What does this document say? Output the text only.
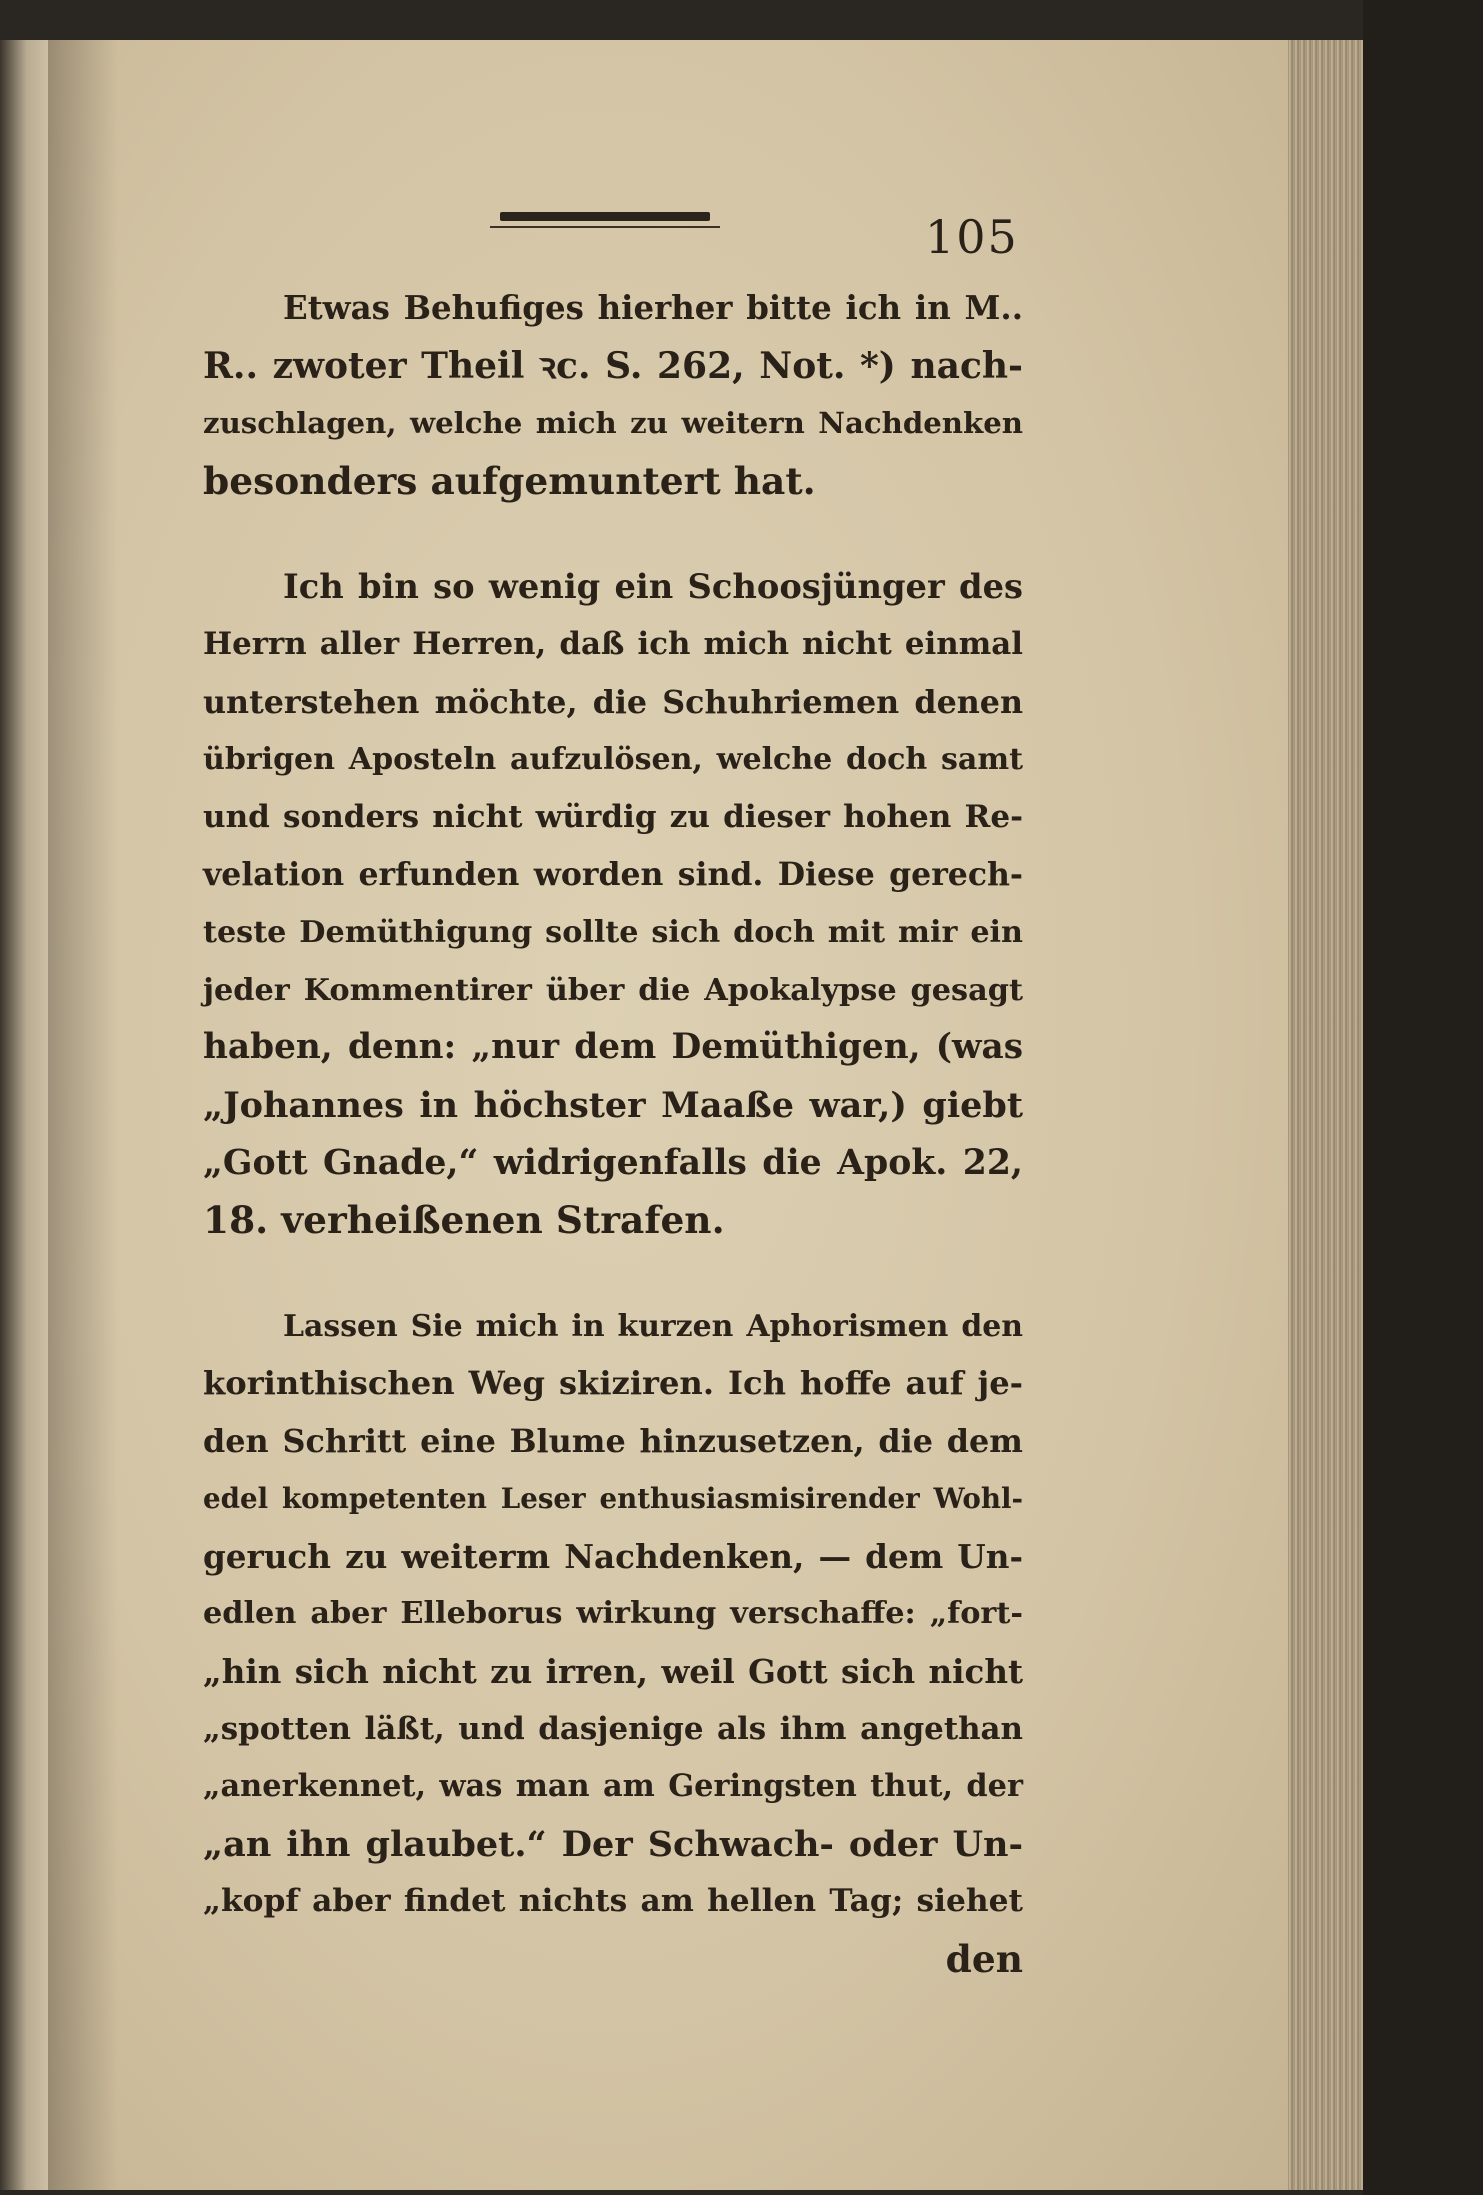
105
Etwas Behufiges hierher bitte ich in M..
R.. zwoter Theil ꝛc. S. 262, Not. *) nach-
zuschlagen, welche mich zu weitern Nachdenken
besonders aufgemuntert hat.
Ich bin so wenig ein Schoosjünger des
Herrn aller Herren, daß ich mich nicht einmal
unterstehen möchte, die Schuhriemen denen
übrigen Aposteln aufzulösen, welche doch samt
und sonders nicht würdig zu dieser hohen Re-
velation erfunden worden sind. Diese gerech-
teste Demüthigung sollte sich doch mit mir ein
jeder Kommentirer über die Apokalypse gesagt
haben, denn: „nur dem Demüthigen, (was
„Johannes in höchster Maaße war,) giebt
„Gott Gnade,“ widrigenfalls die Apok. 22,
18. verheißenen Strafen.
Lassen Sie mich in kurzen Aphorismen den
korinthischen Weg skiziren. Ich hoffe auf je-
den Schritt eine Blume hinzusetzen, die dem
edel kompetenten Leser enthusiasmisirender Wohl-
geruch zu weiterm Nachdenken, — dem Un-
edlen aber Elleborus wirkung verschaffe: „fort-
„hin sich nicht zu irren, weil Gott sich nicht
„spotten läßt, und dasjenige als ihm angethan
„anerkennet, was man am Geringsten thut, der
„an ihn glaubet.“ Der Schwach- oder Un-
„kopf aber findet nichts am hellen Tag; siehet
den
